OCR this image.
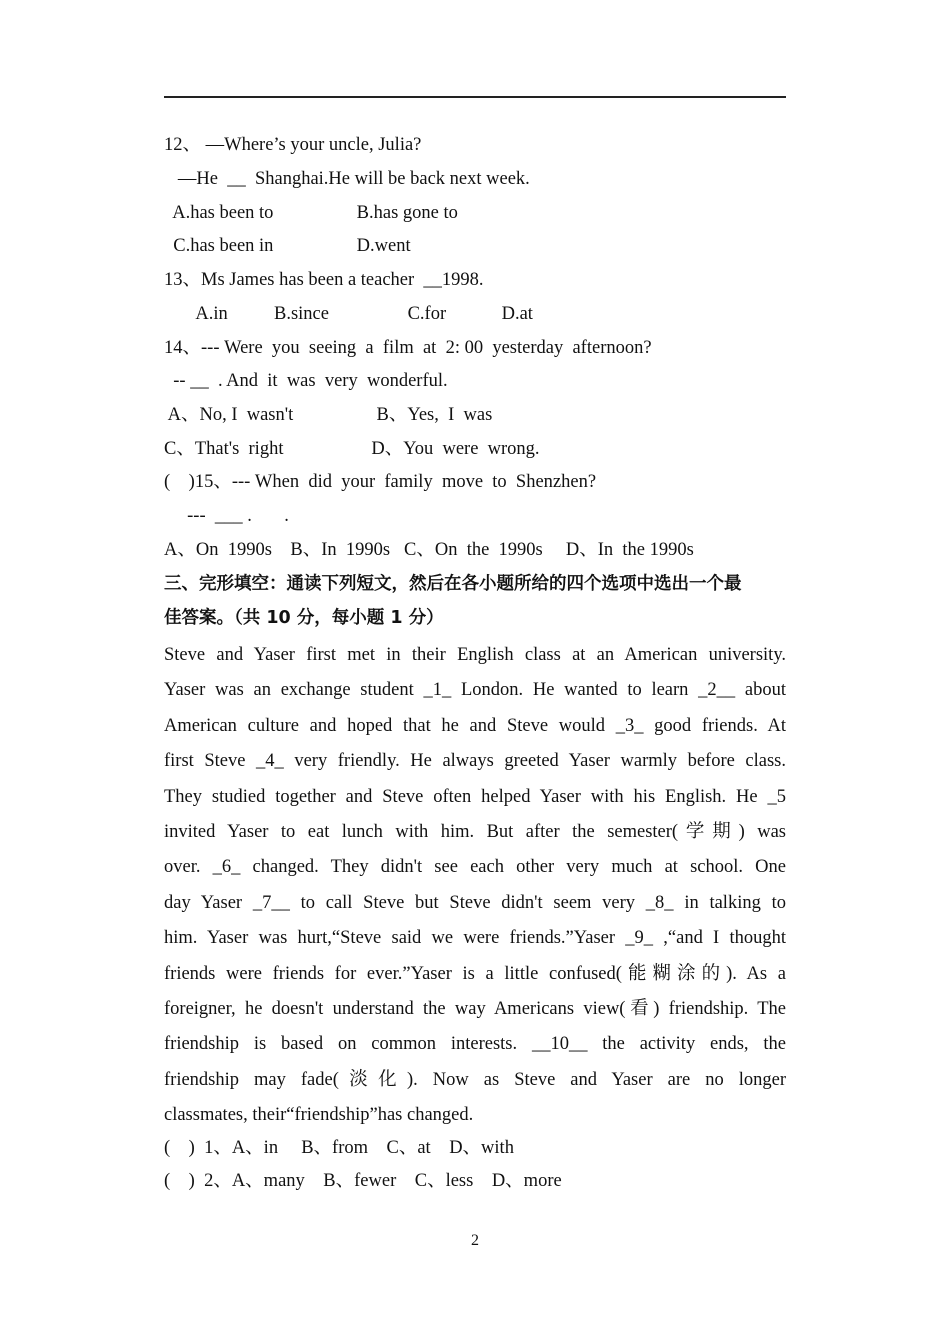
12、 —Where’s your uncle, Julia?
—He  __  Shanghai.He will be back next week.
A.has been to                  B.has gone to
C.has been in                  D.went
13、Ms James has been a teacher  __1998.
A.in          B.since                 C.for            D.at
14、--- Were  you  seeing  a  film  at  2: 00  yesterday  afternoon?
-- __  . And  it  was  very  wonderful.
A、No, I  wasn't                  B、Yes,  I  was
C、That's  right                   D、You  were  wrong.
(    )15、--- When  did  your  family  move  to  Shenzhen?
---  ___ .       .
A、On  1990s    B、In  1990s   C、On  the  1990s     D、In  the 1990s
三、完形填空：通读下列短文，然后在各小题所给的四个选项中选出一个最
佳答案。（共 10 分，每小题 1 分）
Steve and Yaser first met in their English class at an American university.
Yaser was an exchange student _1_ London. He wanted to learn _2__ about
American culture and hoped that he and Steve would _3_ good friends. At
first Steve _4_ very friendly. He always greeted Yaser warmly before class.
They studied together and Steve often helped Yaser with his English. He _5
invited Yaser to eat lunch with him. But after the semester(学期) was
over. _6_ changed. They didn't see each other very much at school. One
day Yaser _7__ to call Steve but Steve didn't seem very _8_ in talking to
him. Yaser was hurt,“Steve said we were friends.”Yaser _9_ ,“and I thought
friends were friends for ever.”Yaser is a little confused(能糊涂的). As a
foreigner, he doesn't understand the way Americans view(看) friendship. The
friendship is based on common interests. __10__ the activity ends, the
friendship may fade(淡化). Now as Steve and Yaser are no longer
classmates, their“friendship”has changed.
(    )  1、A、in     B、from    C、at    D、with
(    )  2、A、many    B、fewer    C、less    D、more
2
